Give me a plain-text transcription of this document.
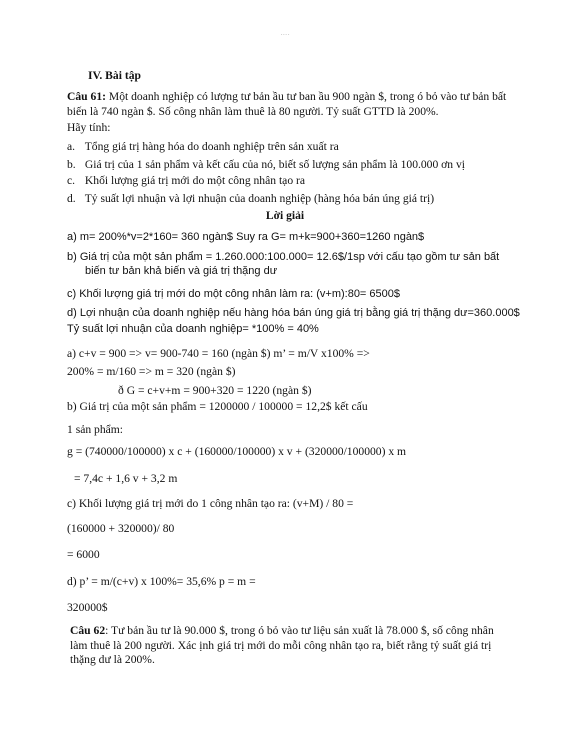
- - - -
IV. Bài tập
Câu 61: Một doanh nghiệp có lượng tư bản ầu tư ban ầu 900 ngàn $, trong ó bỏ vào tư bản bất biến là 740 ngàn $. Số công nhân làm thuê là 80 người. Tỷ suất GTTD là 200%.
Hãy tính:
a. Tổng giá trị hàng hóa do doanh nghiệp trên sản xuất ra
b. Giá trị của 1 sản phẩm và kết cấu của nó, biết số lượng sản phẩm là 100.000 ơn vị
c. Khối lượng giá trị mới do một công nhân tạo ra
d. Tỷ suất lợi nhuận và lợi nhuận của doanh nghiệp (hàng hóa bán úng giá trị)
Lời giải
a) m= 200%*v=2*160= 360 ngàn$ Suy ra G= m+k=900+360=1260 ngàn$
b) Giá trị của một sản phẩm = 1.260.000:100.000= 12.6$/1sp với cấu tạo gồm tư sản bất
biến tư bản khả biến và giá trị thặng dư
c) Khối lượng giá trị mới do một công nhân làm ra: (v+m):80= 6500$
d) Lợi nhuận của doanh nghiệp nếu hàng hóa bán úng giá trị bằng giá trị thặng dư=360.000$
Tỷ suất lợi nhuận của doanh nghiệp= *100% = 40%
a) c+v = 900 => v= 900-740 = 160 (ngàn $) m’ = m/V x100% =>
200% = m/160 => m = 320 (ngàn $)
ð G = c+v+m = 900+320 = 1220 (ngàn $)
b) Giá trị của một sản phẩm = 1200000 / 100000 = 12,2$ kết cấu
1 sản phẩm:
g = (740000/100000) x c + (160000/100000) x v + (320000/100000) x m
= 7,4c + 1,6 v + 3,2 m
c) Khối lượng giá trị mới do 1 công nhân tạo ra: (v+M) / 80 =
(160000 + 320000)/ 80
= 6000
d) p’ = m/(c+v) x 100%= 35,6% p = m =
320000$
Câu 62: Tư bản ầu tư là 90.000 $, trong ó bỏ vào tư liệu sản xuất là 78.000 $, số công nhân làm thuê là 200 người. Xác ịnh giá trị mới do mỗi công nhân tạo ra, biết rằng tỷ suất giá trị thặng dư là 200%.
